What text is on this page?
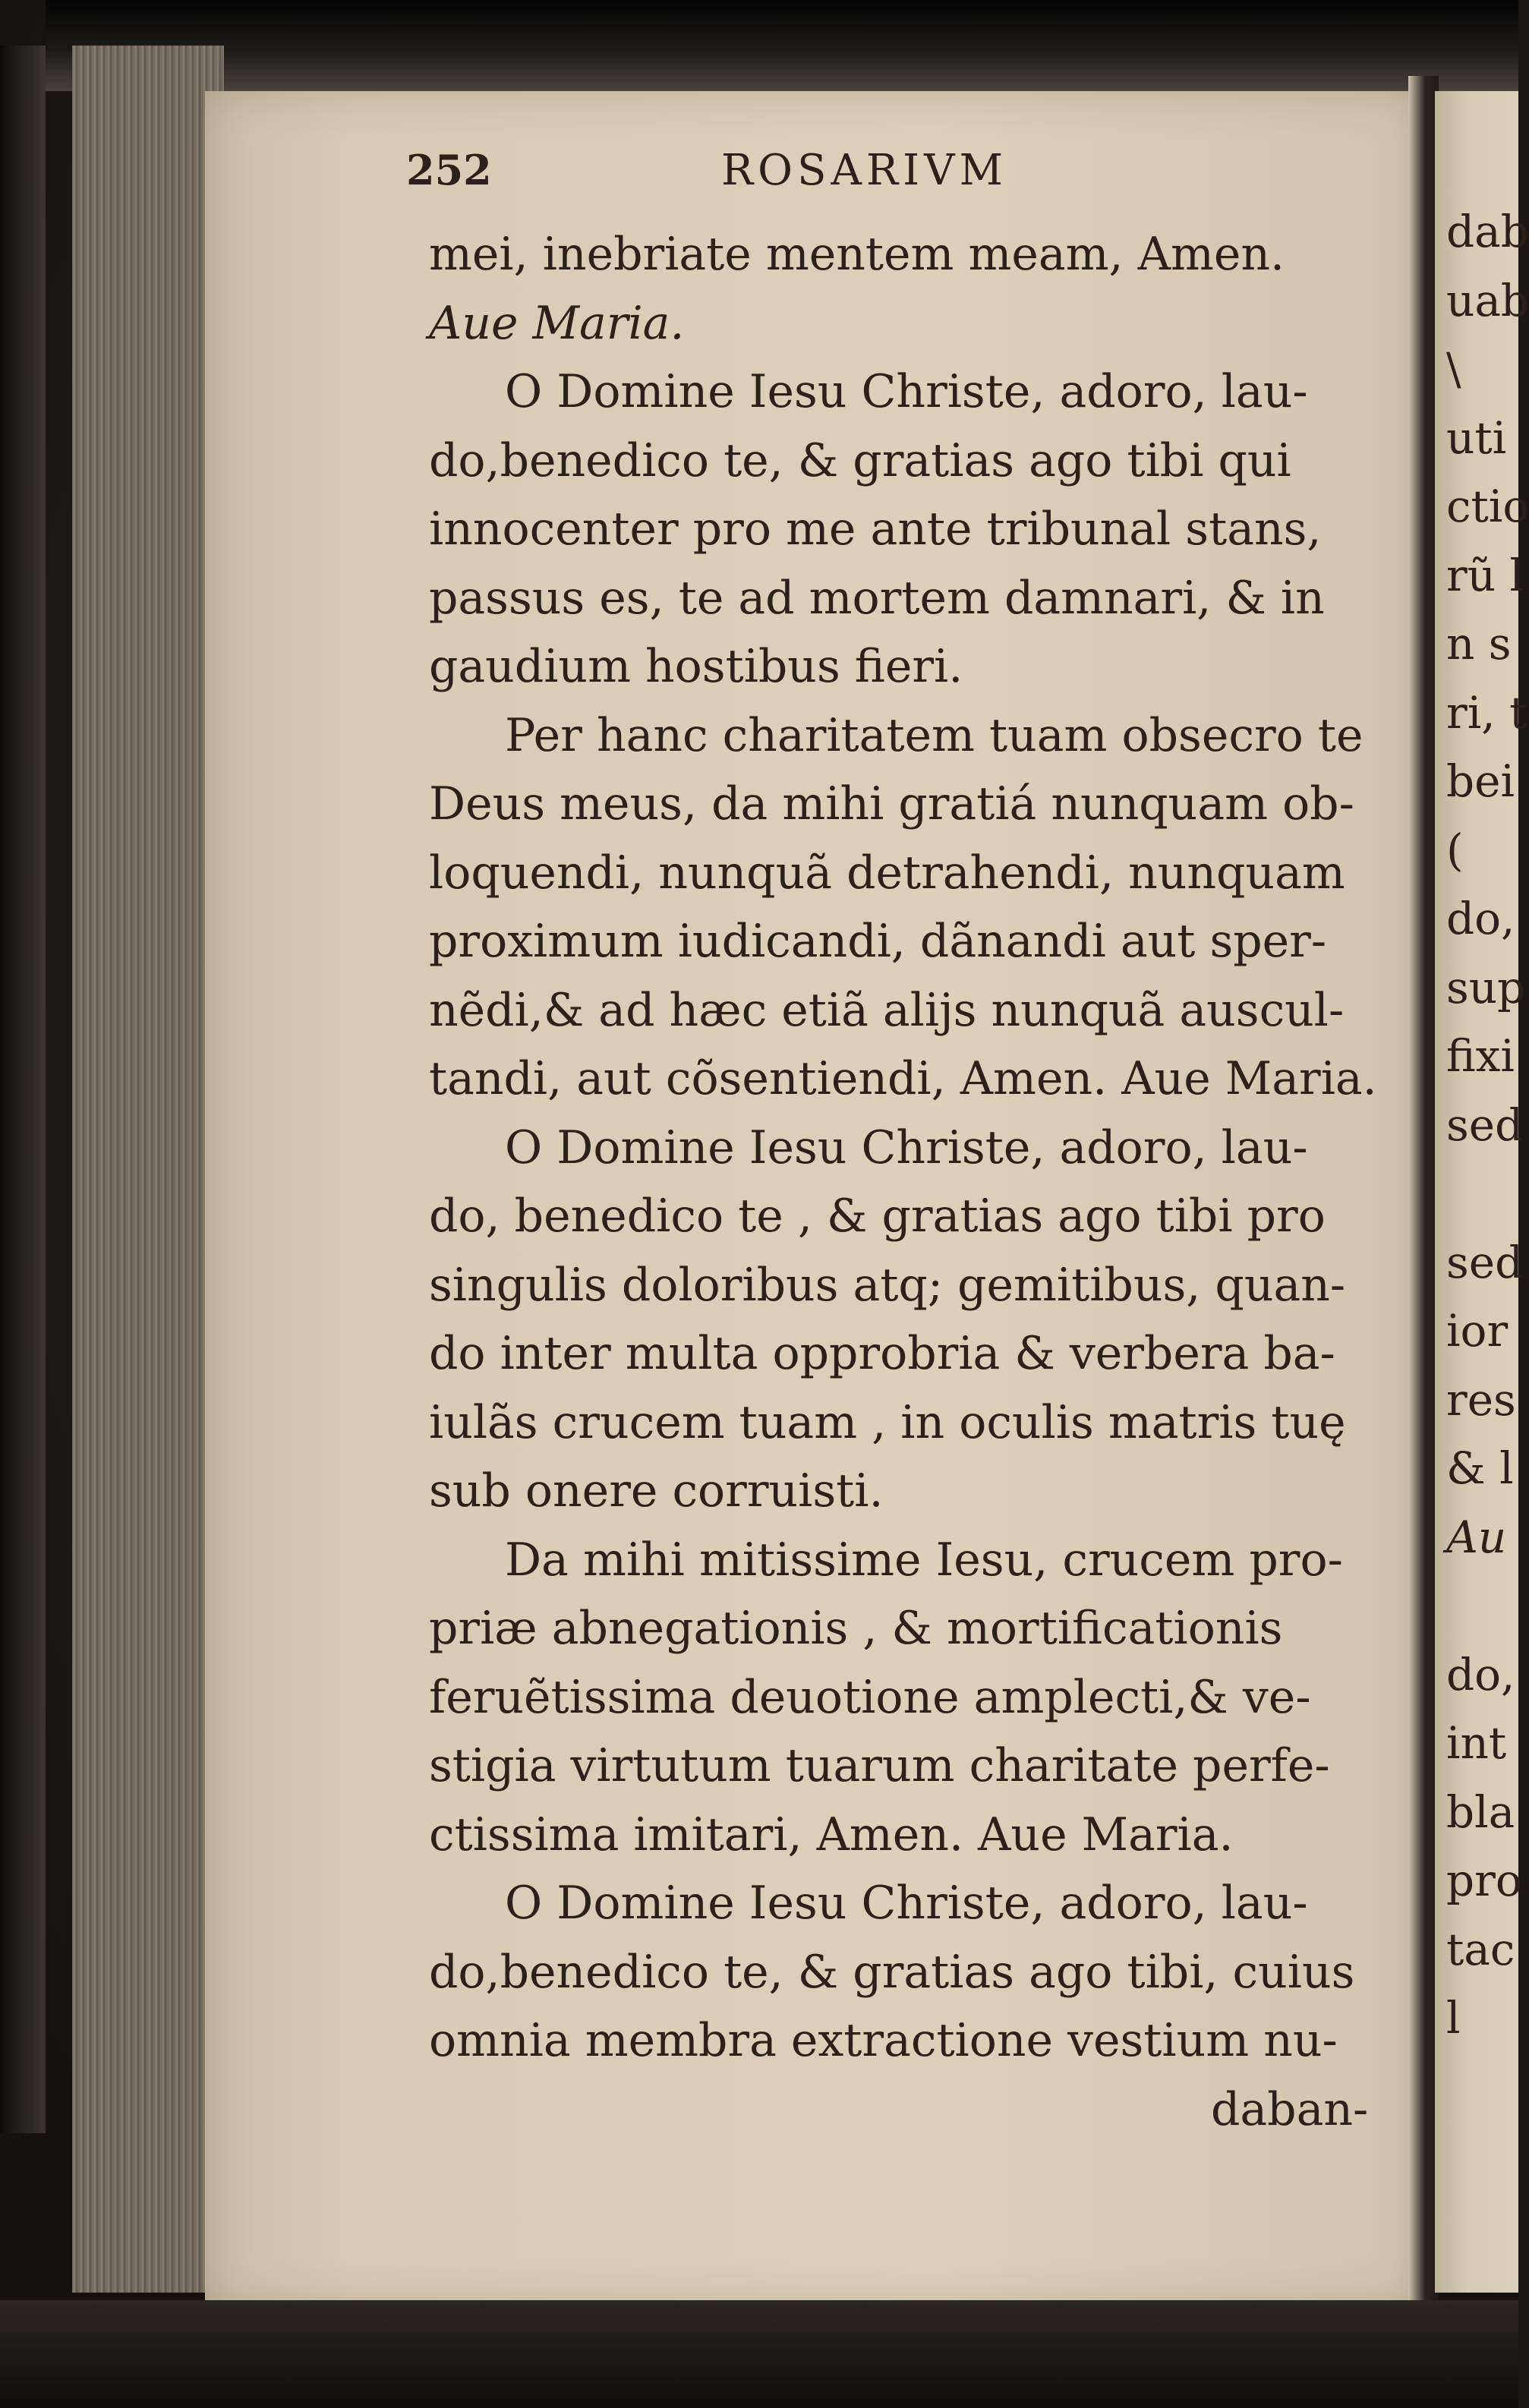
252	ROSARIVM
mei, inebriate mentem meam, Amen.
Aue Maria.
O Domine Iesu Christe, adoro, lau-
do,benedico te, & gratias ago tibi qui
innocenter pro me ante tribunal stans,
passus es, te ad mortem damnari, & in
gaudium hostibus fieri.
Per hanc charitatem tuam obsecro te
Deus meus, da mihi gratiá nunquam ob-
loquendi, nunquã detrahendi, nunquam
proximum iudicandi, dãnandi aut sper-
nẽdi,& ad hæc etiã alijs nunquã auscul-
tandi, aut cõsentiendi, Amen. Aue Maria.
O Domine Iesu Christe, adoro, lau-
do, benedico te , & gratias ago tibi pro
singulis doloribus atq; gemitibus, quan-
do inter multa opprobria & verbera ba-
iulãs crucem tuam , in oculis matris tuę
sub onere corruisti.
Da mihi mitissime Iesu, crucem pro-
priæ abnegationis , & mortificationis
feruẽtissima deuotione amplecti,& ve-
stigia virtutum tuarum charitate perfe-
ctissima imitari, Amen. Aue Maria.
O Domine Iesu Christe, adoro, lau-
do,benedico te, & gratias ago tibi, cuius
omnia membra extractione vestium nu-
daban-
dab
uab
\
uti
ctio
rũ l
n s
ri, t
bei
(
do,
sup
fixi
sed
sed
ior
res
& l
Au
do,
int
bla
pro
tac
l
